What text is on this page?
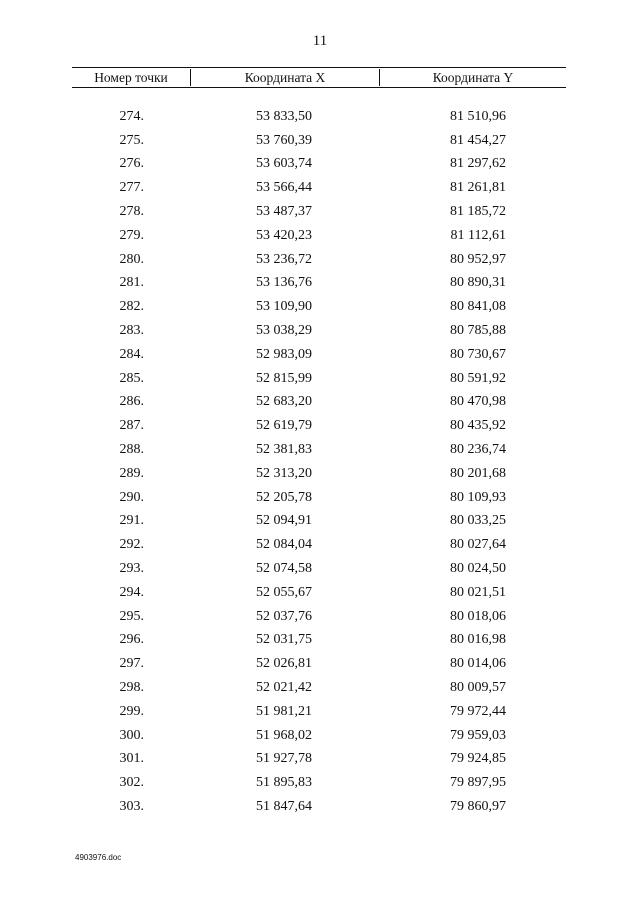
11
Номер точки	Координата X	Координата Y
274.	53 833,50	81 510,96
275.	53 760,39	81 454,27
276.	53 603,74	81 297,62
277.	53 566,44	81 261,81
278.	53 487,37	81 185,72
279.	53 420,23	81 112,61
280.	53 236,72	80 952,97
281.	53 136,76	80 890,31
282.	53 109,90	80 841,08
283.	53 038,29	80 785,88
284.	52 983,09	80 730,67
285.	52 815,99	80 591,92
286.	52 683,20	80 470,98
287.	52 619,79	80 435,92
288.	52 381,83	80 236,74
289.	52 313,20	80 201,68
290.	52 205,78	80 109,93
291.	52 094,91	80 033,25
292.	52 084,04	80 027,64
293.	52 074,58	80 024,50
294.	52 055,67	80 021,51
295.	52 037,76	80 018,06
296.	52 031,75	80 016,98
297.	52 026,81	80 014,06
298.	52 021,42	80 009,57
299.	51 981,21	79 972,44
300.	51 968,02	79 959,03
301.	51 927,78	79 924,85
302.	51 895,83	79 897,95
303.	51 847,64	79 860,97
4903976.doc
